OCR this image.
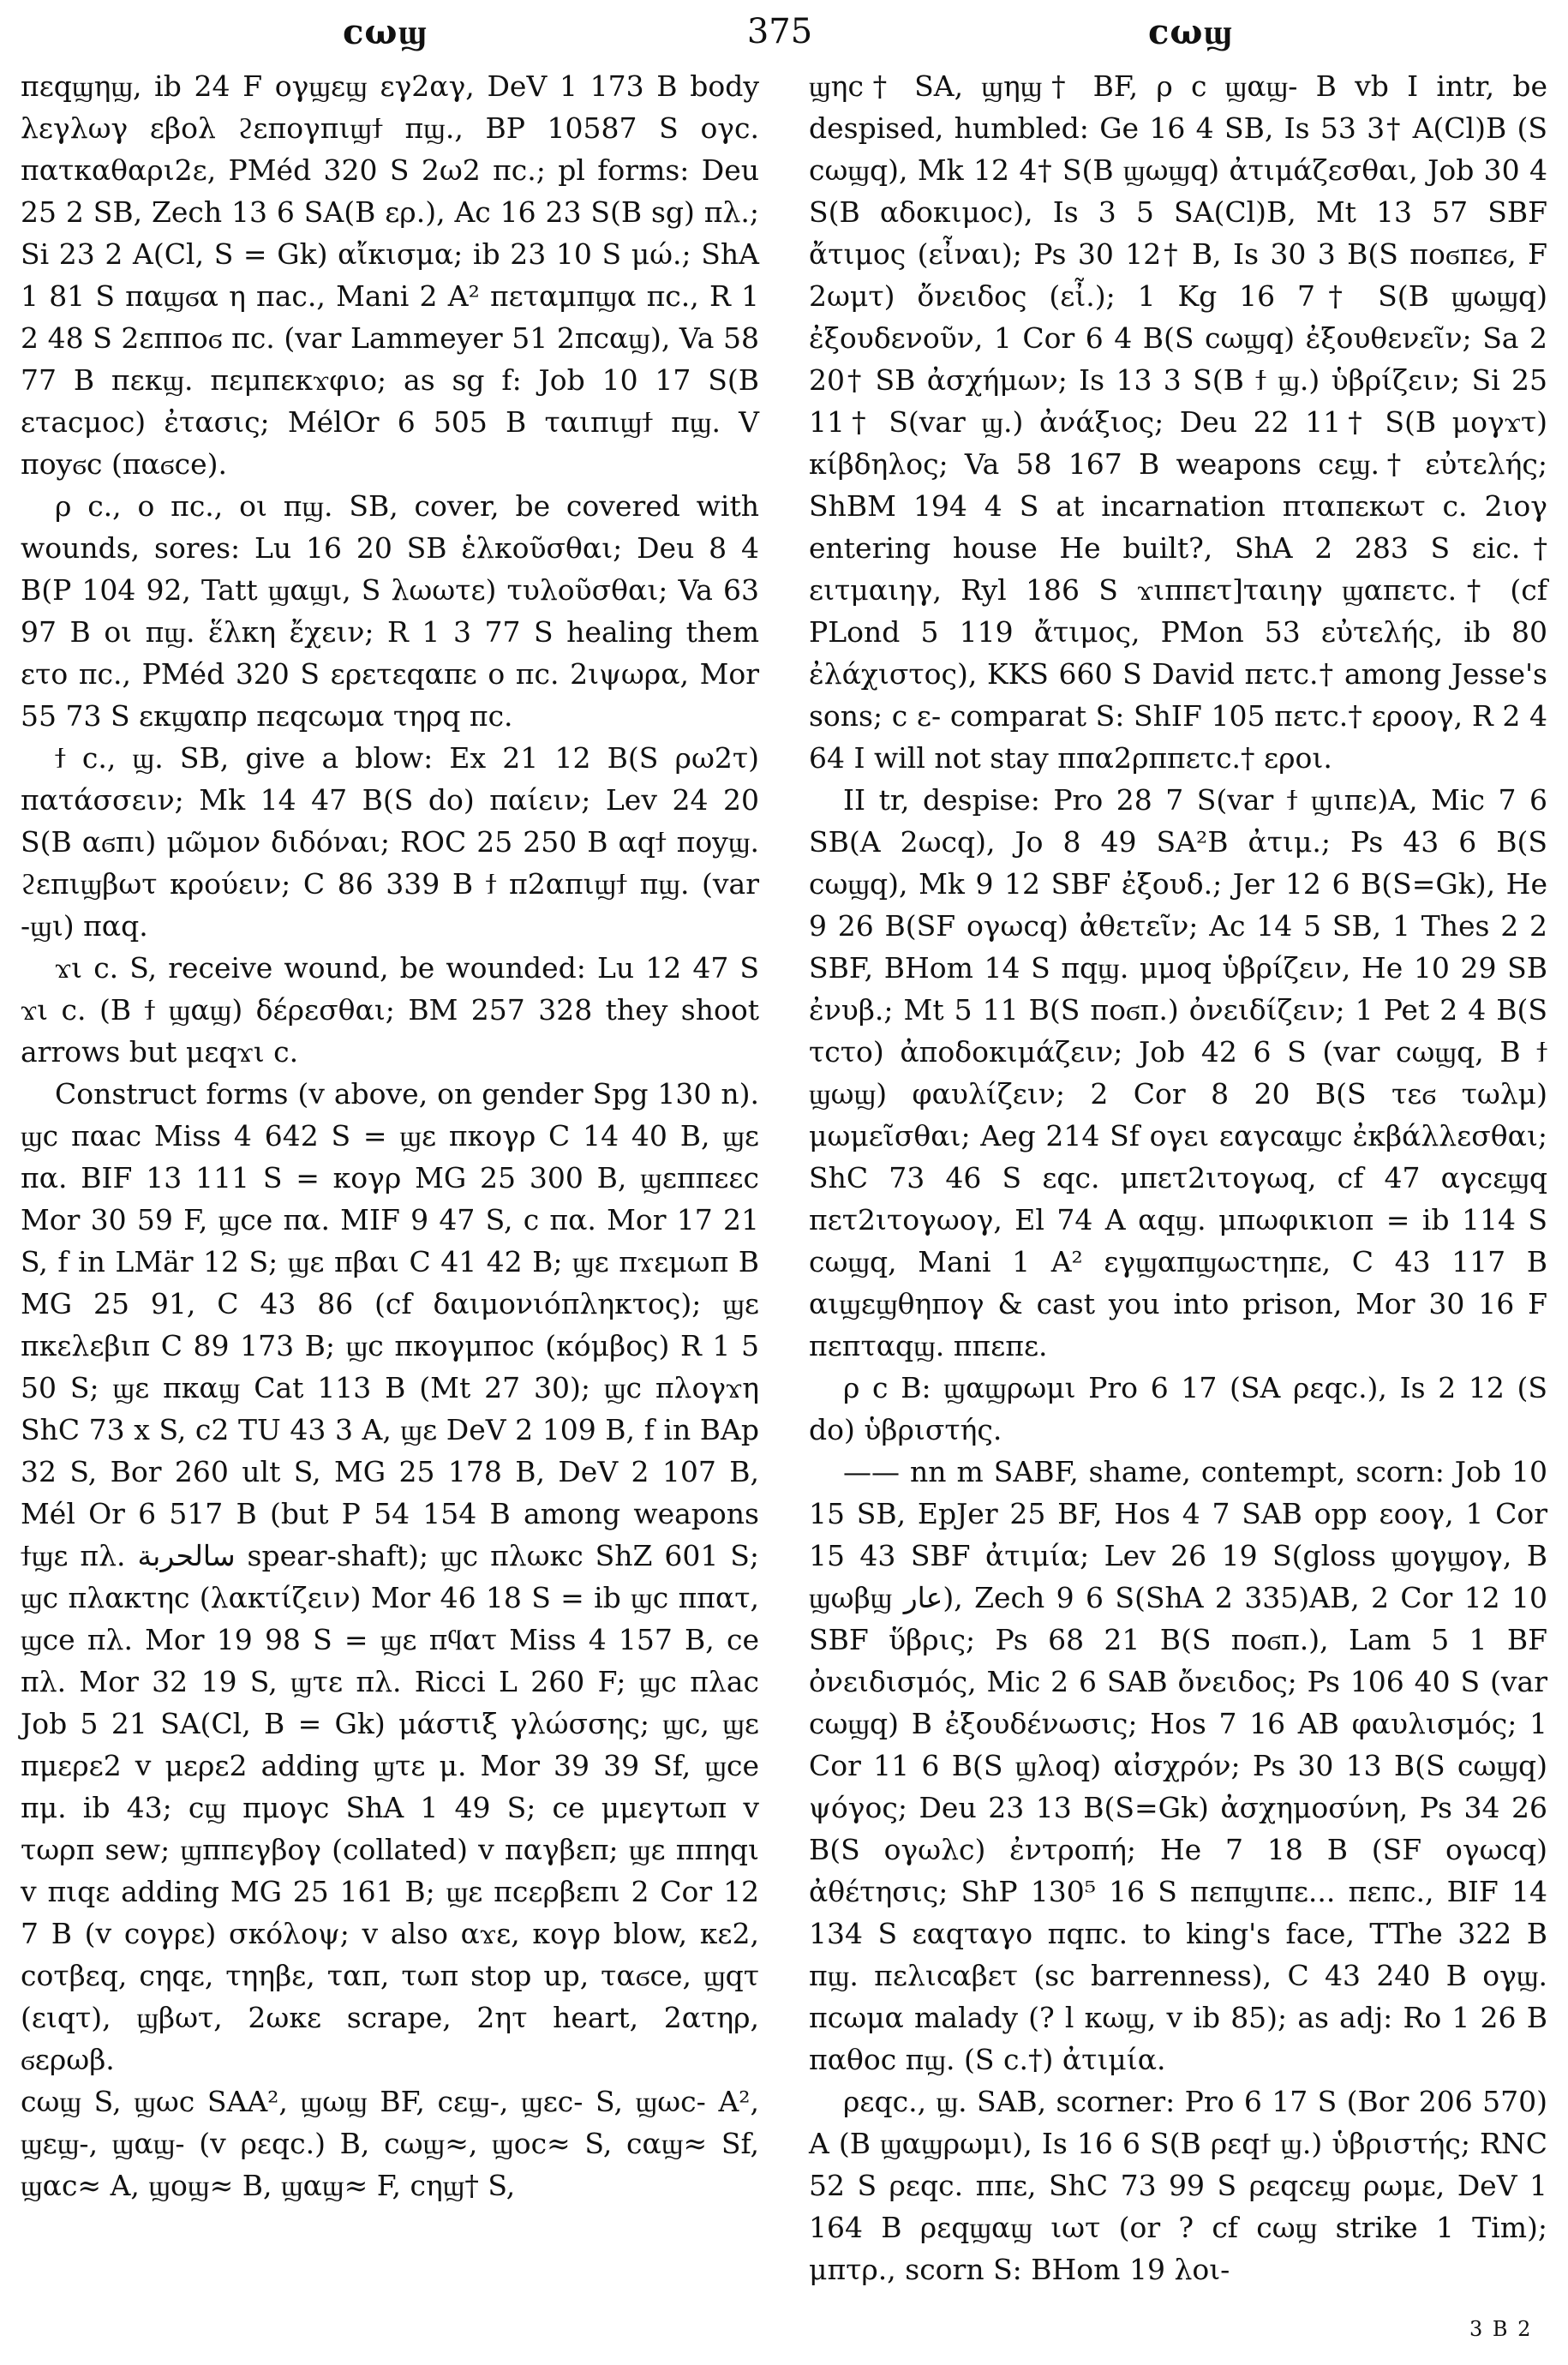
cωϣ	375	cωϣ

πεqϣηϣ, ib 24 F oγϣεϣ εγ2αγ, DeV 1 173 B body λεγλωγ εβoλ ϩεπoγπιϣϯ πϣ., BP 10587 S oγc. πατκαθαρι2ε, PMéd 320 S 2ω2 πc.; pl forms: Deu 25 2 SB, Zech 13 6 SA(B ερ.), Ac 16 23 S(B sg) πλ.; Si 23 2 A(Cl, S = Gk) αἴκισμα; ib 23 10 S μώ.; ShA 1 81 S παϣϭα η πac., Mani 2 A² πεταμπϣα πc., R 1 2 48 S 2επποϭ πc. (var Lammeyer 51 2πcαϣ), Va 58 77 B πεκϣ. πεμπεκϫφιo; as sg f: Job 10 17 S(B ετacμoc) ἐτασις; MélOr 6 505 B ταιπιϣϯ πϣ. V ποyϭc (παϭce).

ρ c., o πc., oι πϣ. SB, cover, be covered with wounds, sores: Lu 16 20 SB ἑλκοῦσθαι; Deu 8 4 B(P 104 92, Tatt ϣαϣι, S λωωτε) τυλοῦσθαι; Va 63 97 B oι πϣ. ἕλκη ἔχειν; R 1 3 77 S healing them ετo πc., PMéd 320 S ερετεqαπε o πc. 2ιψωρα, Mor 55 73 S εκϣαπρ πεqcωμα τηρq πc.

ϯ c., ϣ. SB, give a blow: Ex 21 12 B(S ρω2τ) πατάσσειν; Mk 14 47 B(S do) παίειν; Lev 24 20 S(B αϭπι) μῶμον διδόναι; ROC 25 250 B αqϯ ποyϣ. ϩεπιϣβωτ κρούειν; C 86 339 B ϯ π2απιϣϯ πϣ. (var -ϣι) παq.

ϫι c. S, receive wound, be wounded: Lu 12 47 S ϫι c. (B ϯ ϣαϣ) δέρεσθαι; BM 257 328 they shoot arrows but μεqϫι c.

Construct forms (v above, on gender Spg 130 n). ϣc παac Miss 4 642 S = ϣε πκoγρ C 14 40 B, ϣε πα. BIF 13 111 S = κoγρ MG 25 300 B, ϣεππεεc Mor 30 59 F, ϣce πα. MIF 9 47 S, c πα. Mor 17 21 S, f in LMär 12 S; ϣε πβαι C 41 42 B; ϣε πϫεμωπ B MG 25 91, C 43 86 (cf δαιμονιόπληκτος); ϣε πκελεβιπ C 89 173 B; ϣc πκoγμπoc (κόμβος) R 1 5 50 S; ϣε πκαϣ Cat 113 B (Mt 27 30); ϣc πλoγϫη ShC 73 x S, c2 TU 43 3 A, ϣε DeV 2 109 B, f in BAp 32 S, Bor 260 ult S, MG 25 178 B, DeV 2 107 B, Mél Or 6 517 B (but P 54 154 B among weapons ϯϣε πλ. سالحربة spear-shaft); ϣc πλωκc ShZ 601 S; ϣc πλακτηc (λακτίζειν) Mor 46 18 S = ib ϣc ππατ, ϣce πλ. Mor 19 98 S = ϣε πϥατ Miss 4 157 B, ce πλ. Mor 32 19 S, ϣτε πλ. Ricci L 260 F; ϣc πλac Job 5 21 SA(Cl, B = Gk) μάστιξ γλώσσης; ϣc, ϣε πμερε2 v μερε2 adding ϣτε μ. Mor 39 39 Sf, ϣce πμ. ib 43; cϣ πμoγc ShA 1 49 S; ce μμεγτωπ v τωρπ sew; ϣππεγβoγ (collated) v παγβεπ; ϣε ππηqι v πιqε adding MG 25 161 B; ϣε πcερβεπι 2 Cor 12 7 B (v coγρε) σκόλοψ; v also αϫε, κoγρ blow, κε2, coτβεq, cηqε, τηηβε, ταπ, τωπ stop up, ταϭce, ϣqτ (ειqτ), ϣβωτ, 2ωκε scrape, 2ητ heart, 2ατηρ, ϭερωβ.

cωϣ S, ϣωc SAA², ϣωϣ BF, cεϣ-, ϣεc- S, ϣωc- A², ϣεϣ-, ϣαϣ- (v ρεqc.) B, cωϣ≈, ϣoc≈ S, cαϣ≈ Sf, ϣαc≈ A, ϣoϣ≈ B, ϣαϣ≈ F, cηϣ† S,

ϣηc† SA, ϣηϣ† BF, ρ c ϣαϣ- B vb I intr, be despised, humbled: Ge 16 4 SB, Is 53 3† A(Cl)B (S cωϣq), Mk 12 4† S(B ϣωϣq) ἀτιμάζεσθαι, Job 30 4 S(B αδoκιμoc), Is 3 5 SA(Cl)B, Mt 13 57 SBF ἄτιμος (εἶναι); Ps 30 12† B, Is 30 3 B(S ποϭπεϭ, F 2ωμτ) ὄνειδος (εἶ.); 1 Kg 16 7† S(B ϣωϣq) ἐξουδενοῦν, 1 Cor 6 4 B(S cωϣq) ἐξουθενεῖν; Sa 2 20† SB ἀσχήμων; Is 13 3 S(B ϯ ϣ.) ὑβρίζειν; Si 25 11† S(var ϣ.) ἀνάξιος; Deu 22 11† S(B μoγϫτ) κίβδηλος; Va 58 167 B weapons cεϣ.† εὐτελής; ShBM 194 4 S at incarnation πταπεκωτ c. 2ιoγ entering house He built?, ShA 2 283 S εic.† ειτμαιηγ, Ryl 186 S ϫιππετ]ταιηγ ϣαπετc.† (cf PLond 5 119 ἄτιμος, PMon 53 εὐτελής, ib 80 ἐλάχιστος), KKS 660 S David πετc.† among Jesse's sons; c ε- comparat S: ShIF 105 πετc.† εροoγ, R 2 4 64 I will not stay ππα2ρππετc.† εροι.

II tr, despise: Pro 28 7 S(var ϯ ϣιπε)A, Mic 7 6 SB(A 2ωcq), Jo 8 49 SA²B ἀτιμ.; Ps 43 6 B(S cωϣq), Mk 9 12 SBF ἐξουδ.; Jer 12 6 B(S=Gk), He 9 26 B(SF oγωcq) ἀθετεῖν; Ac 14 5 SB, 1 Thes 2 2 SBF, BHom 14 S πqϣ. μμoq ὑβρίζειν, He 10 29 SB ἐνυβ.; Mt 5 11 B(S ποϭπ.) ὀνειδίζειν; 1 Pet 2 4 B(S τcτo) ἀποδοκιμάζειν; Job 42 6 S (var cωϣq, B ϯ ϣωϣ) φαυλίζειν; 2 Cor 8 20 B(S τεϭ τωλμ) μωμεῖσθαι; Aeg 214 Sf oγει εαγcαϣc ἐκβάλλεσθαι; ShC 73 46 S εqc. μπετ2ιτoγωq, cf 47 αγcεϣq πετ2ιτoγωoγ, El 74 A αqϣ. μπωφικιoπ = ib 114 S cωϣq, Mani 1 A² εγϣαπϣωcτηπε, C 43 117 B αιϣεϣθηπoγ & cast you into prison, Mor 30 16 F πεπταqϣ. ππεπε.

ρ c B: ϣαϣρωμι Pro 6 17 (SA ρεqc.), Is 2 12 (S do) ὑβριστής.

—— nn m SABF, shame, contempt, scorn: Job 10 15 SB, EpJer 25 BF, Hos 4 7 SAB opp εooγ, 1 Cor 15 43 SBF ἀτιμία; Lev 26 19 S(gloss ϣoγϣoγ, B ϣωβϣ عار), Zech 9 6 S(ShA 2 335)AB, 2 Cor 12 10 SBF ὕβρις; Ps 68 21 B(S ποϭπ.), Lam 5 1 BF ὀνειδισμός, Mic 2 6 SAB ὄνειδος; Ps 106 40 S (var cωϣq) B ἐξουδένωσις; Hos 7 16 AB φαυλισμός; 1 Cor 11 6 B(S ϣλoq) αἰσχρόν; Ps 30 13 B(S cωϣq) ψόγος; Deu 23 13 B(S=Gk) ἀσχημοσύνη, Ps 34 26 B(S oγωλc) ἐντροπή; He 7 18 B (SF oγωcq) ἀθέτησις; ShP 130⁵ 16 S πεπϣιπε... πεπc., BIF 14 134 S εαqταγo πqπc. to king's face, TThe 322 B πϣ. πελιcαβετ (sc barrenness), C 43 240 B oγϣ. πcωμα malady (? l κωϣ, v ib 85); as adj: Ro 1 26 B παθoc πϣ. (S c.†) ἀτιμία.

ρεqc., ϣ. SAB, scorner: Pro 6 17 S (Bor 206 570) A (B ϣαϣρωμι), Is 16 6 S(B ρεqϯ ϣ.) ὑβριστής; RNC 52 S ρεqc. ππε, ShC 73 99 S ρεqcεϣ ρωμε, DeV 1 164 B ρεqϣαϣ ιωτ (or ? cf cωϣ strike 1 Tim); μπτρ., scorn S: BHom 19 λοι-

3 B 2
